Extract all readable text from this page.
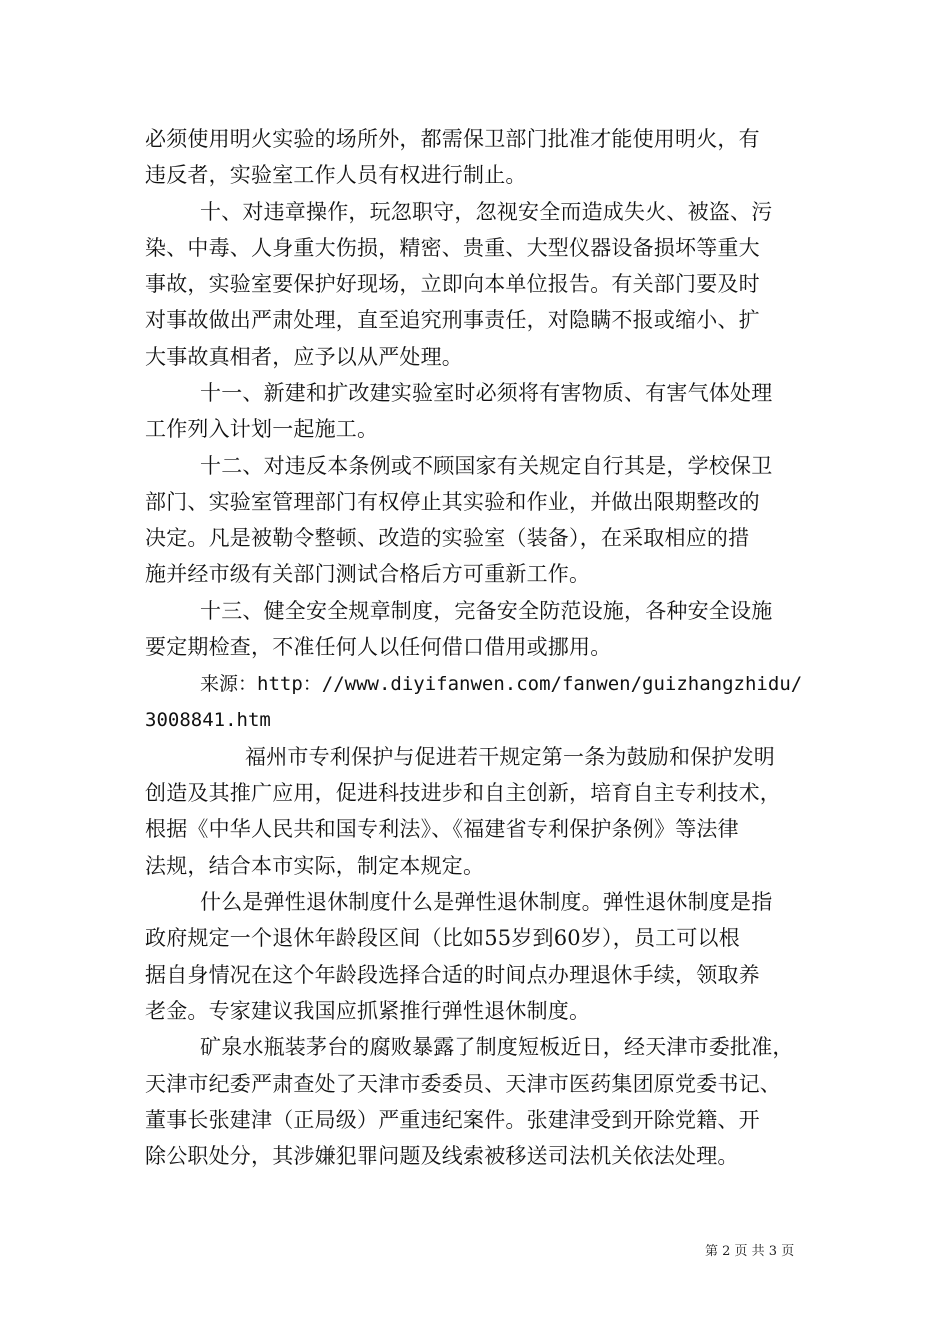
必须使用明火实验的场所外，都需保卫部门批准才能使用明火，有
违反者，实验室工作人员有权进行制止。
十、对违章操作，玩忽职守，忽视安全而造成失火、被盗、污
染、中毒、人身重大伤损，精密、贵重、大型仪器设备损坏等重大
事故，实验室要保护好现场，立即向本单位报告。有关部门要及时
对事故做出严肃处理，直至追究刑事责任，对隐瞒不报或缩小、扩
大事故真相者，应予以从严处理。
十一、新建和扩改建实验室时必须将有害物质、有害气体处理
工作列入计划一起施工。
十二、对违反本条例或不顾国家有关规定自行其是，学校保卫
部门、实验室管理部门有权停止其实验和作业，并做出限期整改的
决定。凡是被勒令整顿、改造的实验室（装备），在采取相应的措
施并经市级有关部门测试合格后方可重新工作。
十三、健全安全规章制度，完备安全防范设施，各种安全设施
要定期检查，不准任何人以任何借口借用或挪用。
来源：http：//www.diyifanwen.com/fanwen/guizhangzhidu/
3008841.htm
福州市专利保护与促进若干规定第一条为鼓励和保护发明
创造及其推广应用，促进科技进步和自主创新，培育自主专利技术，
根据《中华人民共和国专利法》、《福建省专利保护条例》等法律
法规，结合本市实际，制定本规定。
什么是弹性退休制度什么是弹性退休制度。弹性退休制度是指
政府规定一个退休年龄段区间（比如55岁到60岁），员工可以根
据自身情况在这个年龄段选择合适的时间点办理退休手续，领取养
老金。专家建议我国应抓紧推行弹性退休制度。
矿泉水瓶装茅台的腐败暴露了制度短板近日，经天津市委批准，
天津市纪委严肃查处了天津市委委员、天津市医药集团原党委书记、
董事长张建津（正局级）严重违纪案件。张建津受到开除党籍、开
除公职处分，其涉嫌犯罪问题及线索被移送司法机关依法处理。
第 2 页 共 3 页
